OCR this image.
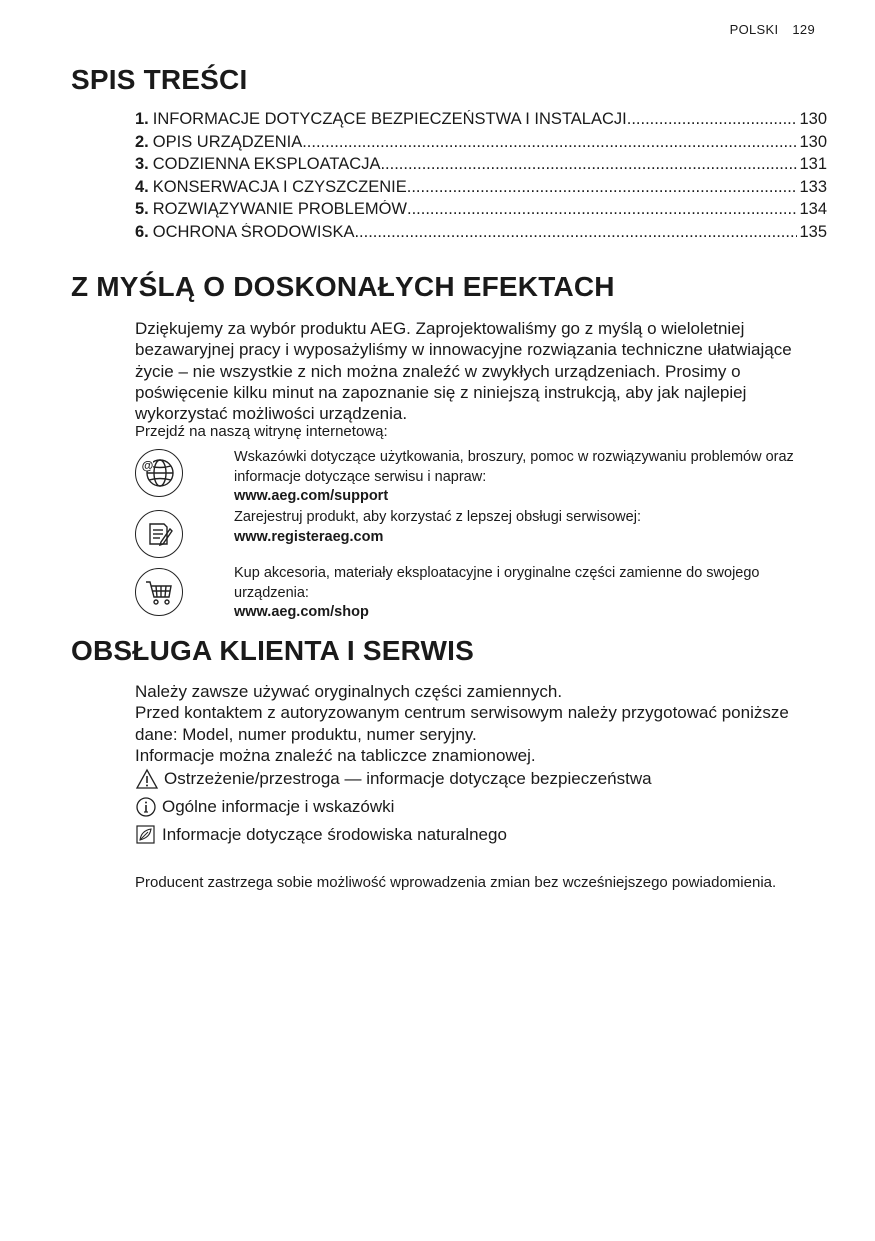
POLSKI 129
SPIS TREŚCI
1. INFORMACJE DOTYCZĄCE BEZPIECZEŃSTWA I INSTALACJI .....	130
2. OPIS URZĄDZENIA .....	130
3. CODZIENNA EKSPLOATACJA .....	131
4. KONSERWACJA I CZYSZCZENIE .....	133
5. ROZWIĄZYWANIE PROBLEMÓW .....	134
6. OCHRONA ŚRODOWISKA .....	135
Z MYŚLĄ O DOSKONAŁYCH EFEKTACH

Dziękujemy za wybór produktu AEG. Zaprojektowaliśmy go z myślą o wieloletniej bezawaryjnej pracy i wyposażyliśmy w innowacyjne rozwiązania techniczne ułatwiające życie – nie wszystkie z nich można znaleźć w zwykłych urządzeniach. Prosimy o poświęcenie kilku minut na zapoznanie się z niniejszą instrukcją, aby jak najlepiej wykorzystać możliwości urządzenia.

Przejdź na naszą witrynę internetową:
@
Wskazówki dotyczące użytkowania, broszury, pomoc w rozwiązywaniu problemów oraz informacje dotyczące serwisu i napraw:
www.aeg.com/support
Zarejestruj produkt, aby korzystać z lepszej obsługi serwisowej:
www.registeraeg.com
Kup akcesoria, materiały eksploatacyjne i oryginalne części zamienne do swojego urządzenia:
www.aeg.com/shop
OBSŁUGA KLIENTA I SERWIS
Należy zawsze używać oryginalnych części zamiennych.
Przed kontaktem z autoryzowanym centrum serwisowym należy przygotować poniższe dane: Model, numer produktu, numer seryjny.
Informacje można znaleźć na tabliczce znamionowej.
Ostrzeżenie/przestroga — informacje dotyczące bezpieczeństwa
Ogólne informacje i wskazówki
Informacje dotyczące środowiska naturalnego

Producent zastrzega sobie możliwość wprowadzenia zmian bez wcześniejszego powiadomienia.
